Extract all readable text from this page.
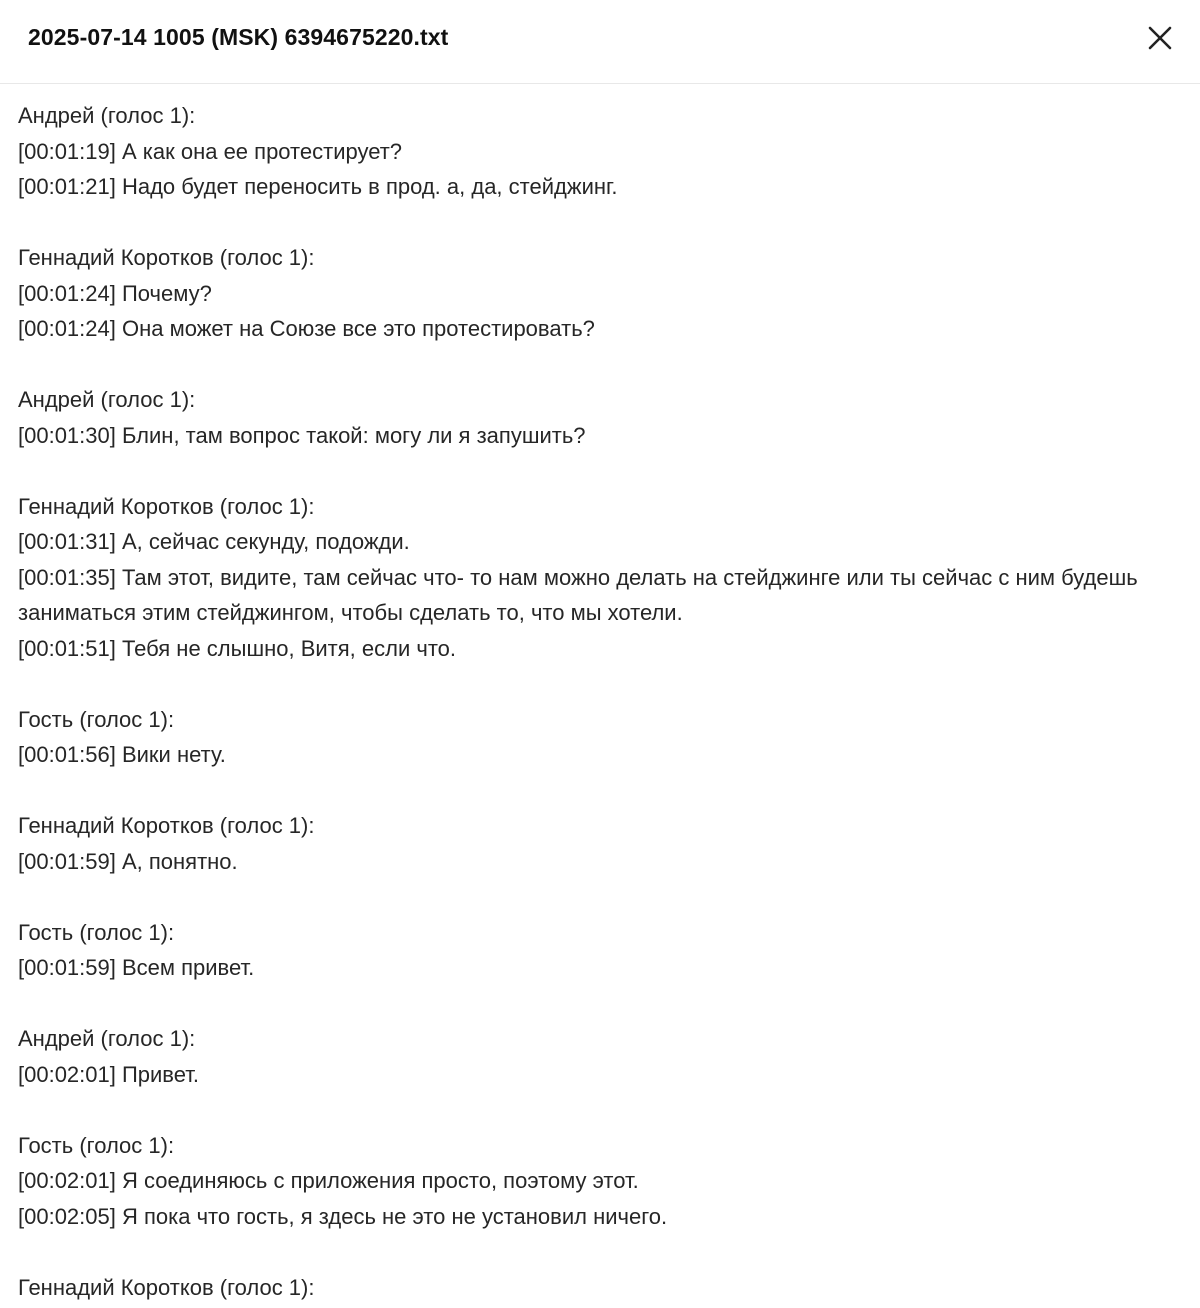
2025-07-14 1005 (MSK) 6394675220.txt
Андрей (голос 1):
[00:01:19] А как она ее протестирует?
[00:01:21] Надо будет переносить в прод. а, да, стейджинг.
Геннадий Коротков (голос 1):
[00:01:24] Почему?
[00:01:24] Она может на Союзе все это протестировать?
Андрей (голос 1):
[00:01:30] Блин, там вопрос такой: могу ли я запушить?
Геннадий Коротков (голос 1):
[00:01:31] А, сейчас секунду, подожди.
[00:01:35] Там этот, видите, там сейчас что- то нам можно делать на стейджинге или ты сейчас с ним будешь заниматься этим стейджингом, чтобы сделать то, что мы хотели.
[00:01:51] Тебя не слышно, Витя, если что.
Гость (голос 1):
[00:01:56] Вики нету.
Геннадий Коротков (голос 1):
[00:01:59] А, понятно.
Гость (голос 1):
[00:01:59] Всем привет.
Андрей (голос 1):
[00:02:01] Привет.
Гость (голос 1):
[00:02:01] Я соединяюсь с приложения просто, поэтому этот.
[00:02:05] Я пока что гость, я здесь не это не установил ничего.
Геннадий Коротков (голос 1):
